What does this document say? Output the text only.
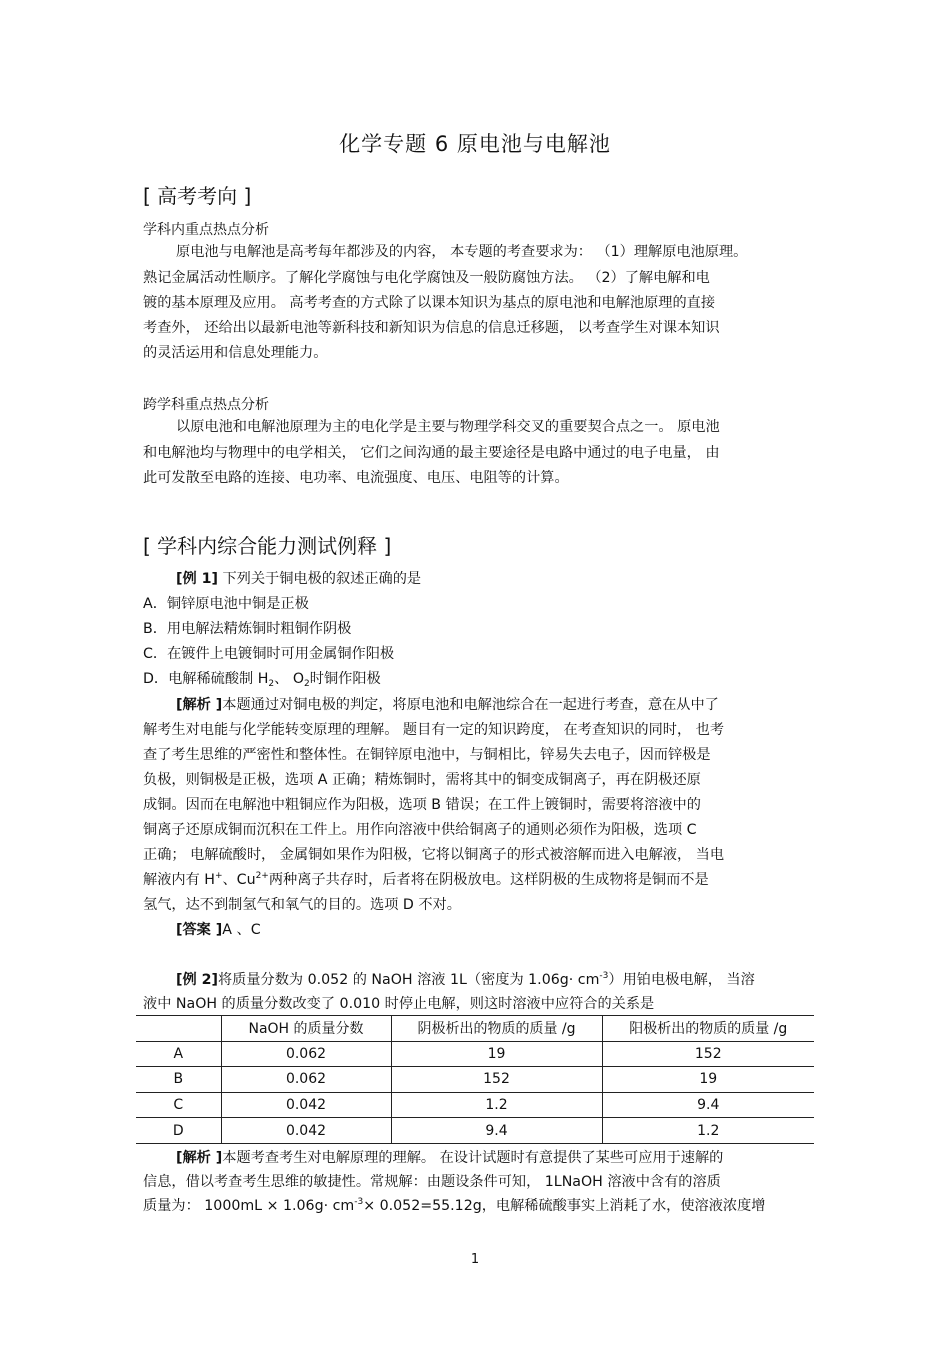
化学专题 6 原电池与电解池
[ 高考考向 ]
学科内重点热点分析
原电池与电解池是高考每年都涉及的内容， 本专题的考查要求为： （1）理解原电池原理。
熟记金属活动性顺序。了解化学腐蚀与电化学腐蚀及一般防腐蚀方法。 （2）了解电解和电
镀的基本原理及应用。 高考考查的方式除了以课本知识为基点的原电池和电解池原理的直接
考查外， 还给出以最新电池等新科技和新知识为信息的信息迁移题， 以考查学生对课本知识
的灵活运用和信息处理能力。
跨学科重点热点分析
以原电池和电解池原理为主的电化学是主要与物理学科交叉的重要契合点之一。 原电池
和电解池均与物理中的电学相关， 它们之间沟通的最主要途径是电路中通过的电子电量， 由
此可发散至电路的连接、电功率、电流强度、电压、电阻等的计算。
[ 学科内综合能力测试例释 ]
[例 1] 下列关于铜电极的叙述正确的是
A．铜锌原电池中铜是正极
B．用电解法精炼铜时粗铜作阴极
C．在镀件上电镀铜时可用金属铜作阳极
D．电解稀硫酸制 $H_2$、 $O_2$时铜作阳极
[解析 ]本题通过对铜电极的判定，将原电池和电解池综合在一起进行考查，意在从中了
解考生对电能与化学能转变原理的理解。 题目有一定的知识跨度， 在考查知识的同时， 也考
查了考生思维的严密性和整体性。在铜锌原电池中，与铜相比，锌易失去电子，因而锌极是
负极，则铜极是正极，选项 A 正确；精炼铜时，需将其中的铜变成铜离子，再在阴极还原
成铜。因而在电解池中粗铜应作为阳极，选项 B 错误；在工件上镀铜时，需要将溶液中的
铜离子还原成铜而沉积在工件上。用作向溶液中供给铜离子的通则必须作为阳极，选项 C
正确； 电解硫酸时， 金属铜如果作为阳极，它将以铜离子的形式被溶解而进入电解液， 当电
解液内有 H+、$Cu^{2+}$两种离子共存时，后者将在阴极放电。这样阴极的生成物将是铜而不是
氢气，达不到制氢气和氧气的目的。选项 D 不对。
[答案 ]A 、C
[例 2]将质量分数为 0.052 的 NaOH 溶液 1L（密度为 $1.06g\cdot cm^{-3}$）用铂电极电解， 当溶
液中 NaOH 的质量分数改变了 0.010 时停止电解，则这时溶液中应符合的关系是
	NaOH 的质量分数	阴极析出的物质的质量 /g	阳极析出的物质的质量 /g
A	0.062	19	152
B	0.062	152	19
C	0.042	1.2	9.4
D	0.042	9.4	1.2
[解析 ]本题考查考生对电解原理的理解。 在设计试题时有意提供了某些可应用于速解的
信息，借以考查考生思维的敏捷性。常规解：由题设条件可知， 1LNaOH 溶液中含有的溶质
质量为： $1000mL \times 1.06g\cdot cm^{-3}\times 0.052=55.12g$，电解稀硫酸事实上消耗了水，使溶液浓度增
1
